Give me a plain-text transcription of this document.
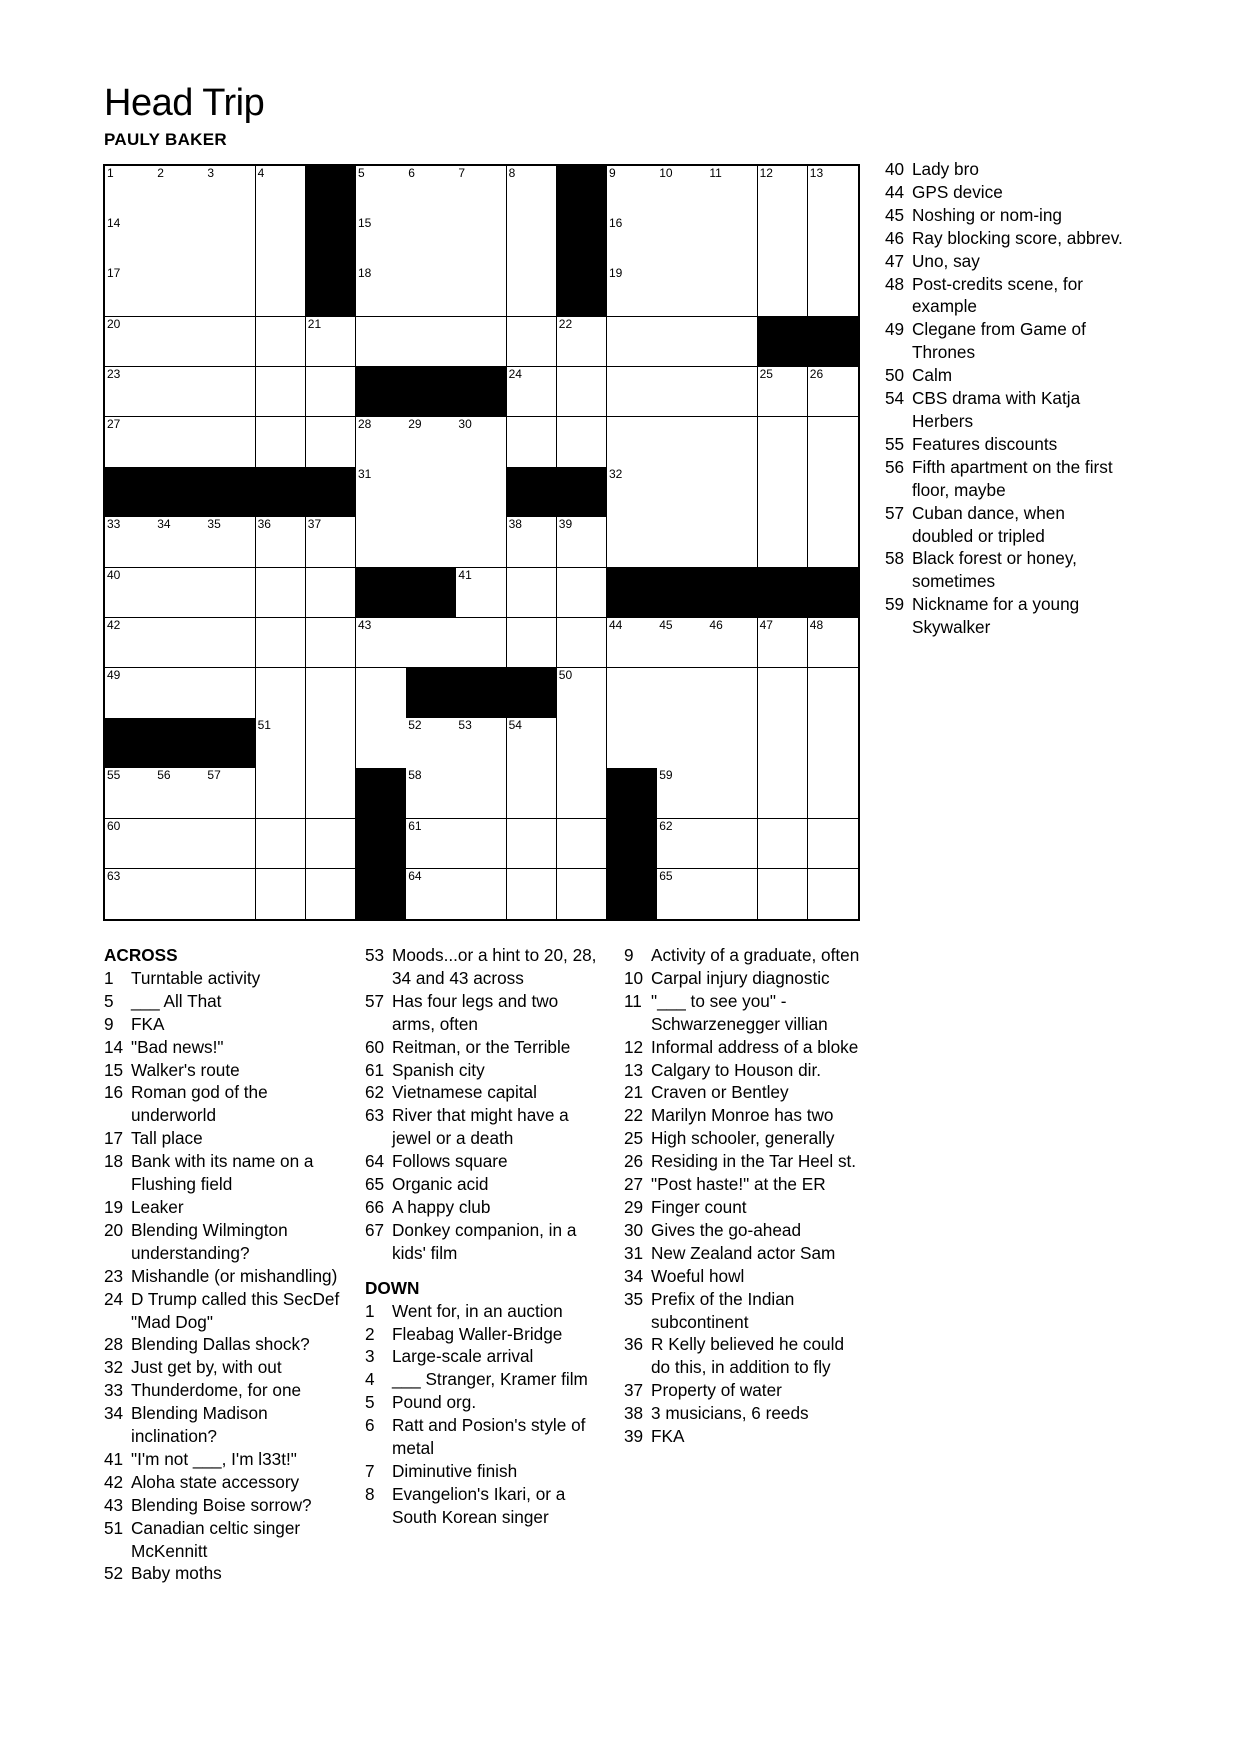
Head Trip
PAULY BAKER
1	2	3	4	5	6	7	8	9	10	11	12	13
14	15	16
17	18	19
20	21	22
23	24	25	26
27	28	29	30
31	32
33	34	35	36	37	38	39
40	41
42	43	44	45	46	47	48
49	50
51	52	53	54
55	56	57	58	59
60	61	62
63	64	65
ACROSS
1	Turntable activity
5	___ All That
9	FKA
14 "Bad news!"
15 Walker's route
16 Roman god of the underworld
17 Tall place
18 Bank with its name on a Flushing field
19 Leaker
20 Blending Wilmington understanding?
23 Mishandle (or mishandling)
24 D Trump called this SecDef "Mad Dog"
28 Blending Dallas shock?
32 Just get by, with out
33 Thunderdome, for one
34 Blending Madison inclination?
41 "I'm not ___, I'm l33t!"
42 Aloha state accessory
43 Blending Boise sorrow?
51 Canadian celtic singer McKennitt
52 Baby moths
53 Moods...or a hint to 20, 28, 34 and 43 across
57 Has four legs and two arms, often
60 Reitman, or the Terrible
61 Spanish city
62 Vietnamese capital
63 River that might have a jewel or a death
64 Follows square
65 Organic acid
66 A happy club
67 Donkey companion, in a kids' film
DOWN
1	Went for, in an auction
2	Fleabag Waller-Bridge
3	Large-scale arrival
4	___ Stranger, Kramer film
5	Pound org.
6	Ratt and Posion's style of metal
7	Diminutive finish
8	Evangelion's Ikari, or a South Korean singer
9	Activity of a graduate, often
10 Carpal injury diagnostic
11 "___ to see you" - Schwarzenegger villian
12 Informal address of a bloke
13 Calgary to Houson dir.
21 Craven or Bentley
22 Marilyn Monroe has two
25 High schooler, generally
26 Residing in the Tar Heel st.
27 "Post haste!" at the ER
29 Finger count
30 Gives the go-ahead
31 New Zealand actor Sam
34 Woeful howl
35 Prefix of the Indian subcontinent
36 R Kelly believed he could do this, in addition to fly
37 Property of water
38 3 musicians, 6 reeds
39 FKA
40 Lady bro
44 GPS device
45 Noshing or nom-ing
46 Ray blocking score, abbrev.
47 Uno, say
48 Post-credits scene, for example
49 Clegane from Game of Thrones
50 Calm
54 CBS drama with Katja Herbers
55 Features discounts
56 Fifth apartment on the first floor, maybe
57 Cuban dance, when doubled or tripled
58 Black forest or honey, sometimes
59 Nickname for a young Skywalker
